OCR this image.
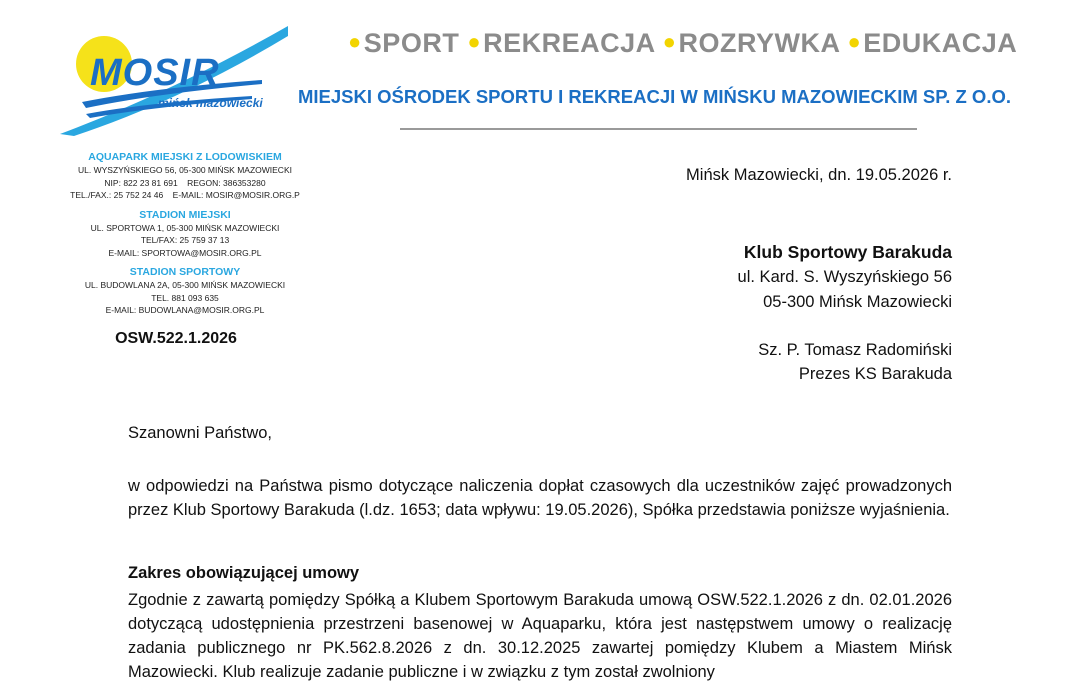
MOSIR
mińsk mazowiecki
●SPORT ●REKREACJA ●ROZRYWKA ●EDUKACJA
MIEJSKI OŚRODEK SPORTU I REKREACJI W MIŃSKU MAZOWIECKIM SP. Z O.O.
AQUAPARK MIEJSKI Z LODOWISKIEM
UL. WYSZYŃSKIEGO 56, 05-300 MIŃSK MAZOWIECKI
NIP: 822 23 81 691    REGON: 386353280
TEL./FAX.: 25 752 24 46    E-MAIL: MOSIR@MOSIR.ORG.P
STADION MIEJSKI
UL. SPORTOWA 1, 05-300 MIŃSK MAZOWIECKI
TEL/FAX: 25 759 37 13
E-MAIL: SPORTOWA@MOSIR.ORG.PL
STADION SPORTOWY
UL. BUDOWLANA 2A, 05-300 MIŃSK MAZOWIECKI
TEL. 881 093 635
E-MAIL: BUDOWLANA@MOSIR.ORG.PL
OSW.522.1.2026
Mińsk Mazowiecki, dn. 19.05.2026 r.
Klub Sportowy Barakuda
ul. Kard. S. Wyszyńskiego 56
05-300 Mińsk Mazowiecki
Sz. P. Tomasz Radomiński
Prezes KS Barakuda
Szanowni Państwo,
w odpowiedzi na Państwa pismo dotyczące naliczenia dopłat czasowych dla uczestników zajęć prowadzonych przez Klub Sportowy Barakuda (l.dz. 1653; data wpływu: 19.05.2026), Spółka przedstawia poniższe wyjaśnienia.
Zakres obowiązującej umowy
Zgodnie z zawartą pomiędzy Spółką a Klubem Sportowym Barakuda umową OSW.522.1.2026 z dn. 02.01.2026 dotyczącą udostępnienia przestrzeni basenowej w Aquaparku, która jest następstwem umowy o realizację zadania publicznego nr PK.562.8.2026 z dn. 30.12.2025 zawartej pomiędzy Klubem a Miastem Mińsk Mazowiecki. Klub realizuje zadanie publiczne i w związku z tym został zwolniony
